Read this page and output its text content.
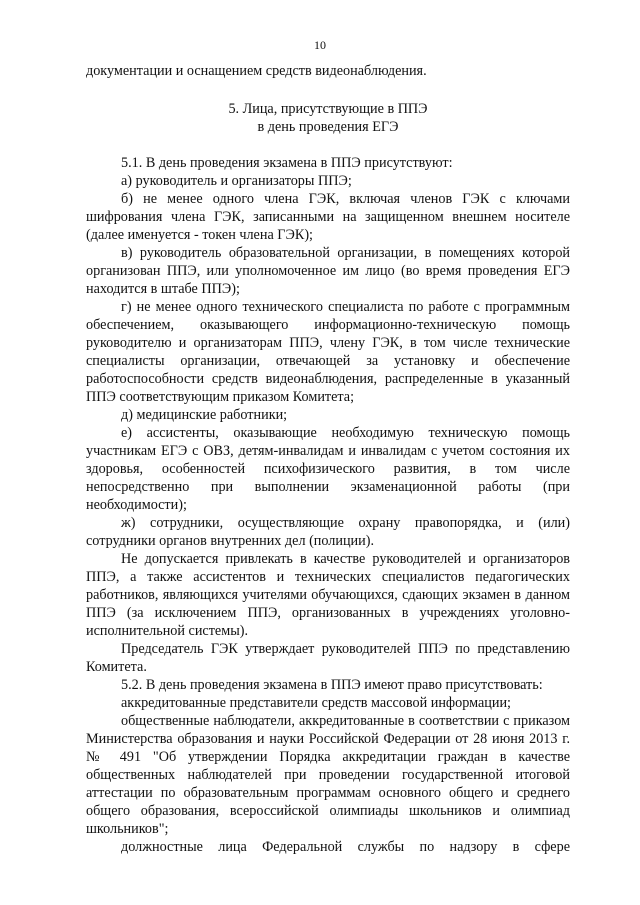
10

документации и оснащением средств видеонаблюдения.

5. Лица, присутствующие в ППЭ
в день проведения ЕГЭ

5.1. В день проведения экзамена в ППЭ присутствуют:

а) руководитель и организаторы ППЭ;

б) не менее одного члена ГЭК, включая членов ГЭК с ключами шифрования члена ГЭК, записанными на защищенном внешнем носителе (далее именуется - токен члена ГЭК);

в) руководитель образовательной организации, в помещениях которой организован ППЭ, или уполномоченное им лицо (во время проведения ЕГЭ находится в штабе ППЭ);

г) не менее одного технического специалиста по работе с программным обеспечением, оказывающего информационно-техническую помощь руководителю и организаторам ППЭ, члену ГЭК, в том числе технические специалисты организации, отвечающей за установку и обеспечение работоспособности средств видеонаблюдения, распределенные в указанный ППЭ соответствующим приказом Комитета;

д) медицинские работники;

е) ассистенты, оказывающие необходимую техническую помощь участникам ЕГЭ с ОВЗ, детям-инвалидам и инвалидам с учетом состояния их здоровья, особенностей психофизического развития, в том числе непосредственно при выполнении экзаменационной работы (при необходимости);

ж) сотрудники, осуществляющие охрану правопорядка, и (или) сотрудники органов внутренних дел (полиции).

Не допускается привлекать в качестве руководителей и организаторов ППЭ, а также ассистентов и технических специалистов педагогических работников, являющихся учителями обучающихся, сдающих экзамен в данном ППЭ (за исключением ППЭ, организованных в учреждениях уголовно-исполнительной системы).

Председатель ГЭК утверждает руководителей ППЭ по представлению Комитета.

5.2. В день проведения экзамена в ППЭ имеют право присутствовать:

аккредитованные представители средств массовой информации;

общественные наблюдатели, аккредитованные в соответствии с приказом Министерства образования и науки Российской Федерации от 28 июня 2013 г. № 491 "Об утверждении Порядка аккредитации граждан в качестве общественных наблюдателей при проведении государственной итоговой аттестации по образовательным программам основного общего и среднего общего образования, всероссийской олимпиады школьников и олимпиад школьников";

должностные лица Федеральной службы по надзору в сфере
